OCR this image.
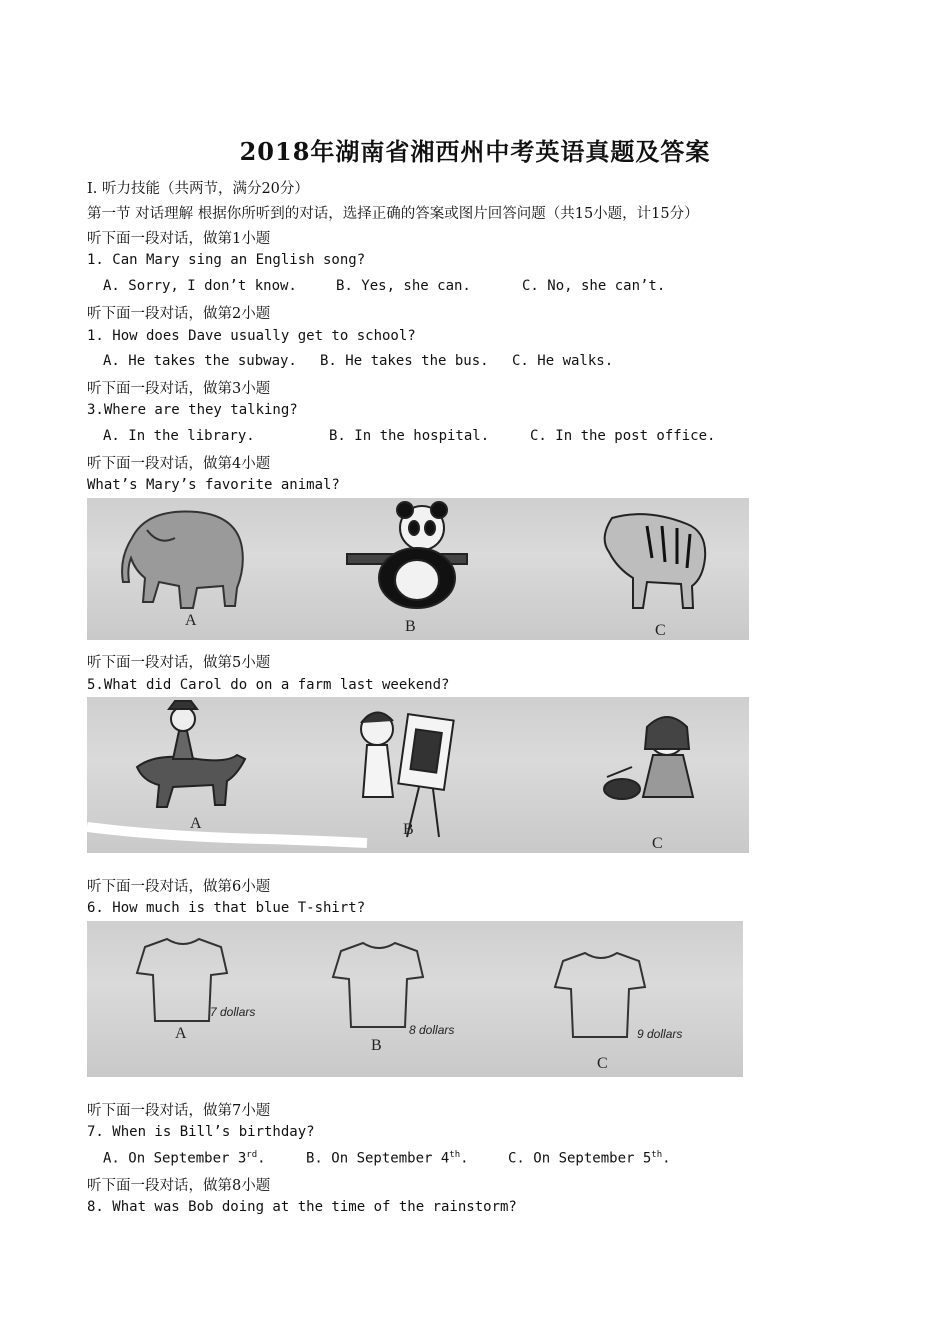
2018年湖南省湘西州中考英语真题及答案
I. 听力技能（共两节，满分20分）
第一节 对话理解 根据你所听到的对话，选择正确的答案或图片回答问题（共15小题，计15分）
听下面一段对话，做第1小题
1. Can Mary sing an English song?
A. Sorry, I don’t know.	B. Yes, she can.	C. No, she can’t.
听下面一段对话，做第2小题
1. How does Dave usually get to school?
A. He takes the subway. B. He takes the bus. C. He walks.
听下面一段对话，做第3小题
3.Where are they talking?
A. In the library.	B. In the hospital.	C. In the post office.
听下面一段对话，做第4小题
What’s Mary’s favorite animal?
A	B	C
听下面一段对话，做第5小题
5.What did Carol do on a farm last weekend?
A	B
C
听下面一段对话，做第6小题
6. How much is that blue T-shirt?
7 dollars
8 dollars	9 dollars
A
B
C
听下面一段对话，做第7小题
7. When is Bill’s birthday?
A. On September 3rd.	B. On September 4th.	C. On September 5th.
听下面一段对话，做第8小题
8. What was Bob doing at the time of the rainstorm?
